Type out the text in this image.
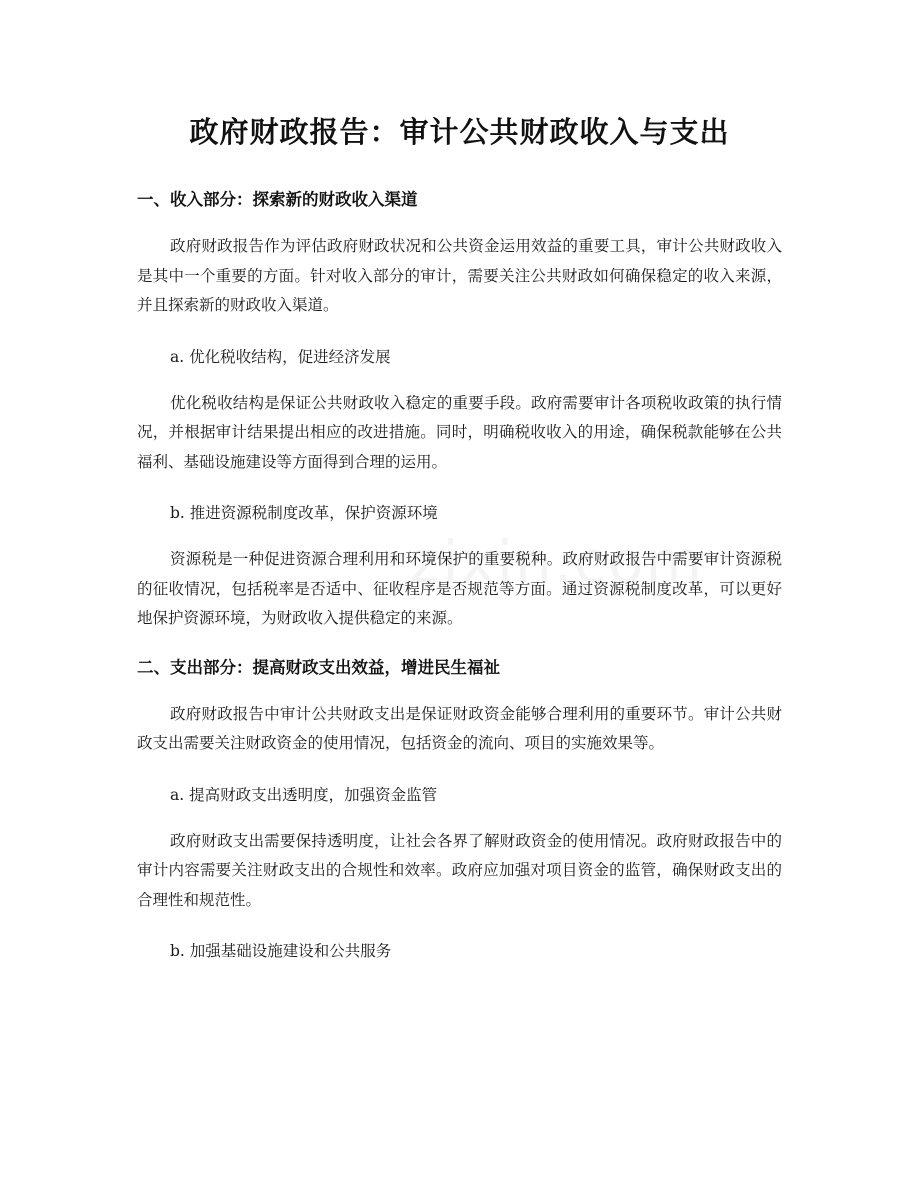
政府财政报告：审计公共财政收入与支出
一、收入部分：探索新的财政收入渠道

政府财政报告作为评估政府财政状况和公共资金运用效益的重要工具，审计公共财政收入是其中一个重要的方面。针对收入部分的审计，需要关注公共财政如何确保稳定的收入来源，并且探索新的财政收入渠道。

a. 优化税收结构，促进经济发展

优化税收结构是保证公共财政收入稳定的重要手段。政府需要审计各项税收政策的执行情况，并根据审计结果提出相应的改进措施。同时，明确税收收入的用途，确保税款能够在公共福利、基础设施建设等方面得到合理的运用。

b. 推进资源税制度改革，保护资源环境

资源税是一种促进资源合理利用和环境保护的重要税种。政府财政报告中需要审计资源税的征收情况，包括税率是否适中、征收程序是否规范等方面。通过资源税制度改革，可以更好地保护资源环境，为财政收入提供稳定的来源。

二、支出部分：提高财政支出效益，增进民生福祉

政府财政报告中审计公共财政支出是保证财政资金能够合理利用的重要环节。审计公共财政支出需要关注财政资金的使用情况，包括资金的流向、项目的实施效果等。

a. 提高财政支出透明度，加强资金监管

政府财政支出需要保持透明度，让社会各界了解财政资金的使用情况。政府财政报告中的审计内容需要关注财政支出的合规性和效率。政府应加强对项目资金的监管，确保财政支出的合理性和规范性。

b. 加强基础设施建设和公共服务
